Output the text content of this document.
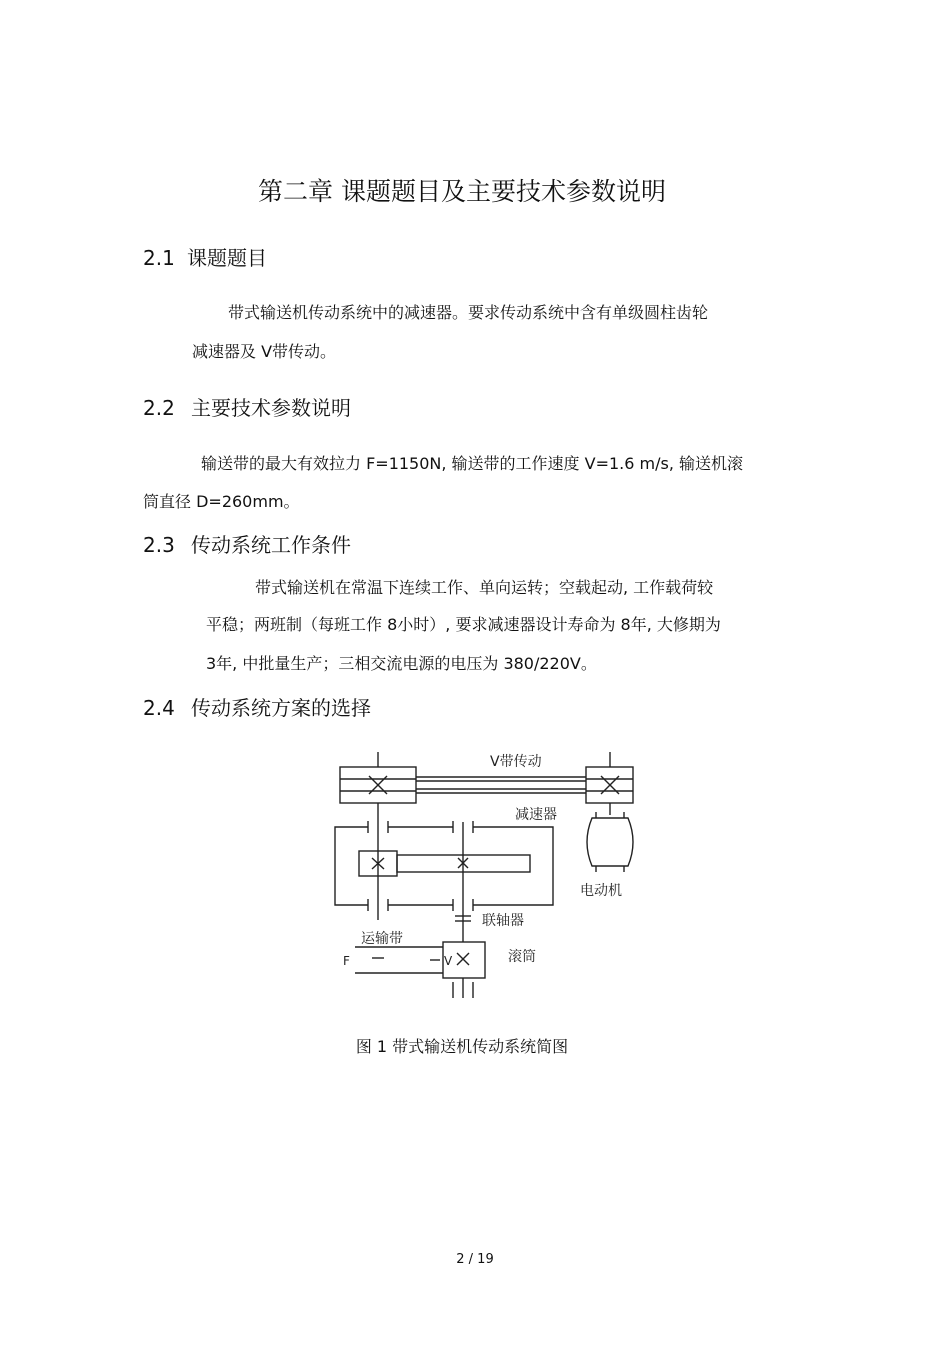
第二章 课题题目及主要技术参数说明
2.1 课题题目
带式输送机传动系统中的减速器。要求传动系统中含有单级圆柱齿轮
减速器及 V带传动。
2.2 主要技术参数说明
输送带的最大有效拉力 F=1150N, 输送带的工作速度 V=1.6 m/s, 输送机滚
筒直径 D=260mm。
2.3 传动系统工作条件
带式输送机在常温下连续工作、单向运转；空载起动, 工作载荷较
平稳；两班制（每班工作 8小时）, 要求减速器设计寿命为 8年, 大修期为
3年, 中批量生产；三相交流电源的电压为 380/220V。
2.4 传动系统方案的选择
V带传动
减速器
电动机
联轴器
运输带
滚筒
F	V
图 1 带式输送机传动系统简图
2 / 19
